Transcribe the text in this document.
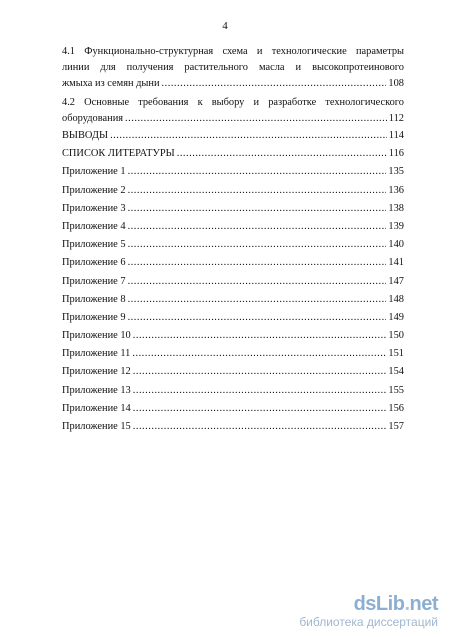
4
4.1 Функционально-структурная схема и технологические параметры
линии для получения растительного масла и высокопротеинового
жмыха из семян дыни .....	108
4.2 Основные требования к выбору и разработке технологического
оборудования .....	112
ВЫВОДЫ .....	114
СПИСОК ЛИТЕРАТУРЫ .....	116
Приложение 1 .....	135
Приложение 2 .....	136
Приложение 3 .....	138
Приложение 4 .....	139
Приложение 5 .....	140
Приложение 6 .....	141
Приложение 7 .....	147
Приложение 8 .....	148
Приложение 9 .....	149
Приложение 10 .....	150
Приложение 11 .....	151
Приложение 12 .....	154
Приложение 13 .....	155
Приложение 14 .....	156
Приложение 15 .....	157
dsLib.net
библиотека диссертаций
